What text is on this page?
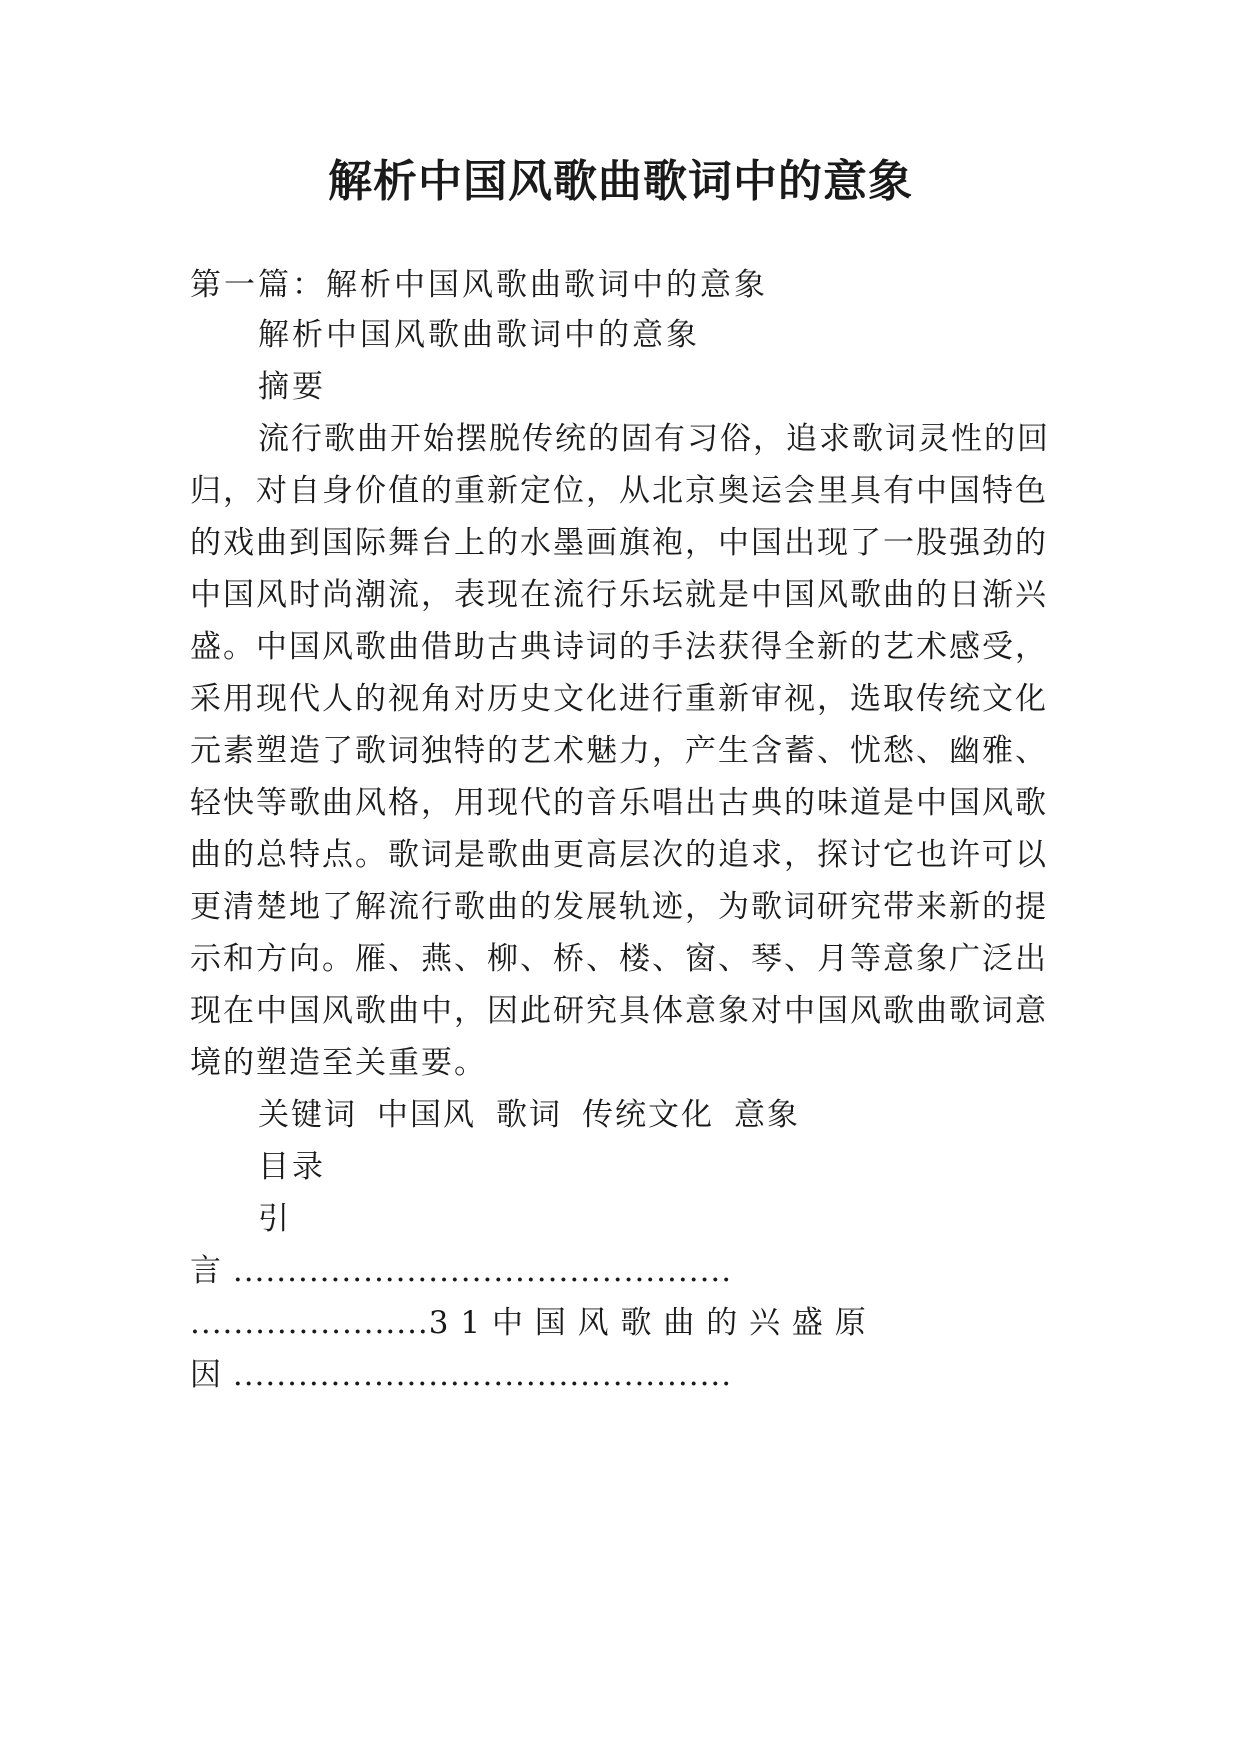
解析中国风歌曲歌词中的意象

第一篇：解析中国风歌曲歌词中的意象

解析中国风歌曲歌词中的意象

摘要

流行歌曲开始摆脱传统的固有习俗，追求歌词灵性的回

归，对自身价值的重新定位，从北京奥运会里具有中国特色

的戏曲到国际舞台上的水墨画旗袍，中国出现了一股强劲的

中国风时尚潮流，表现在流行乐坛就是中国风歌曲的日渐兴

盛。中国风歌曲借助古典诗词的手法获得全新的艺术感受，

采用现代人的视角对历史文化进行重新审视，选取传统文化

元素塑造了歌词独特的艺术魅力，产生含蓄、忧愁、幽雅、

轻快等歌曲风格，用现代的音乐唱出古典的味道是中国风歌

曲的总特点。歌词是歌曲更高层次的追求，探讨它也许可以

更清楚地了解流行歌曲的发展轨迹，为歌词研究带来新的提

示和方向。雁、燕、柳、桥、楼、窗、琴、月等意象广泛出

现在中国风歌曲中，因此研究具体意象对中国风歌曲歌词意

境的塑造至关重要。

关键词 中国风 歌词 传统文化 意象

目录

引

言 ..............................................

......................3 1 中 国 风 歌 曲 的 兴 盛 原

因 ..............................................
